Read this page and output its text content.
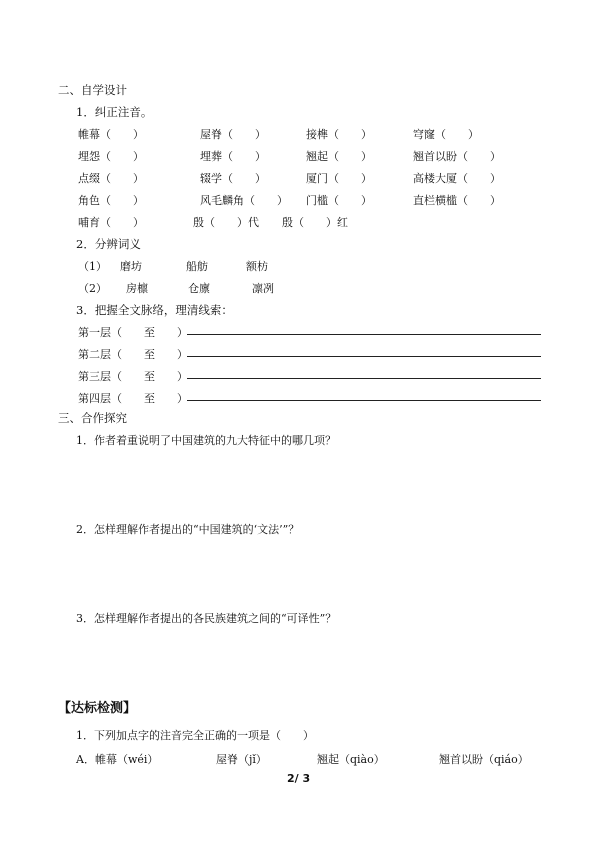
二、自学设计
1．纠正注音。
帷幕（　　）	屋脊（　　）	接榫（　　）	穹窿（　　）
埋怨（　　）	埋葬（　　）	翘起（　　）	翘首以盼（　　）
点缀（　　）	辍学（　　）	厦门（　　）	高楼大厦（　　）
角色（　　）	风毛麟角（　　） 门槛（　　）	直栏横槛（　　）
哺育（　　）	殷（　　）代 殷（　　）红
2．分辨词义
（1） 磨坊	船舫	额枋
（2） 房檩	仓廪	凛冽
3．把握全文脉络，理清线索：
第一层（　　至　　）
第二层（　　至　　）
第三层（　　至　　）
第四层（　　至　　）
三、合作探究
1．作者着重说明了中国建筑的九大特征中的哪几项？
2．怎样理解作者提出的“中国建筑的‘文法’”？
3．怎样理解作者提出的各民族建筑之间的“可译性”？
【达标检测】
1．下列加点字的注音完全正确的一项是（　　）
A．帷幕（wéi）	屋脊（jǐ）	翘起（qiào）	翘首以盼（qiáo）
2/ 3
